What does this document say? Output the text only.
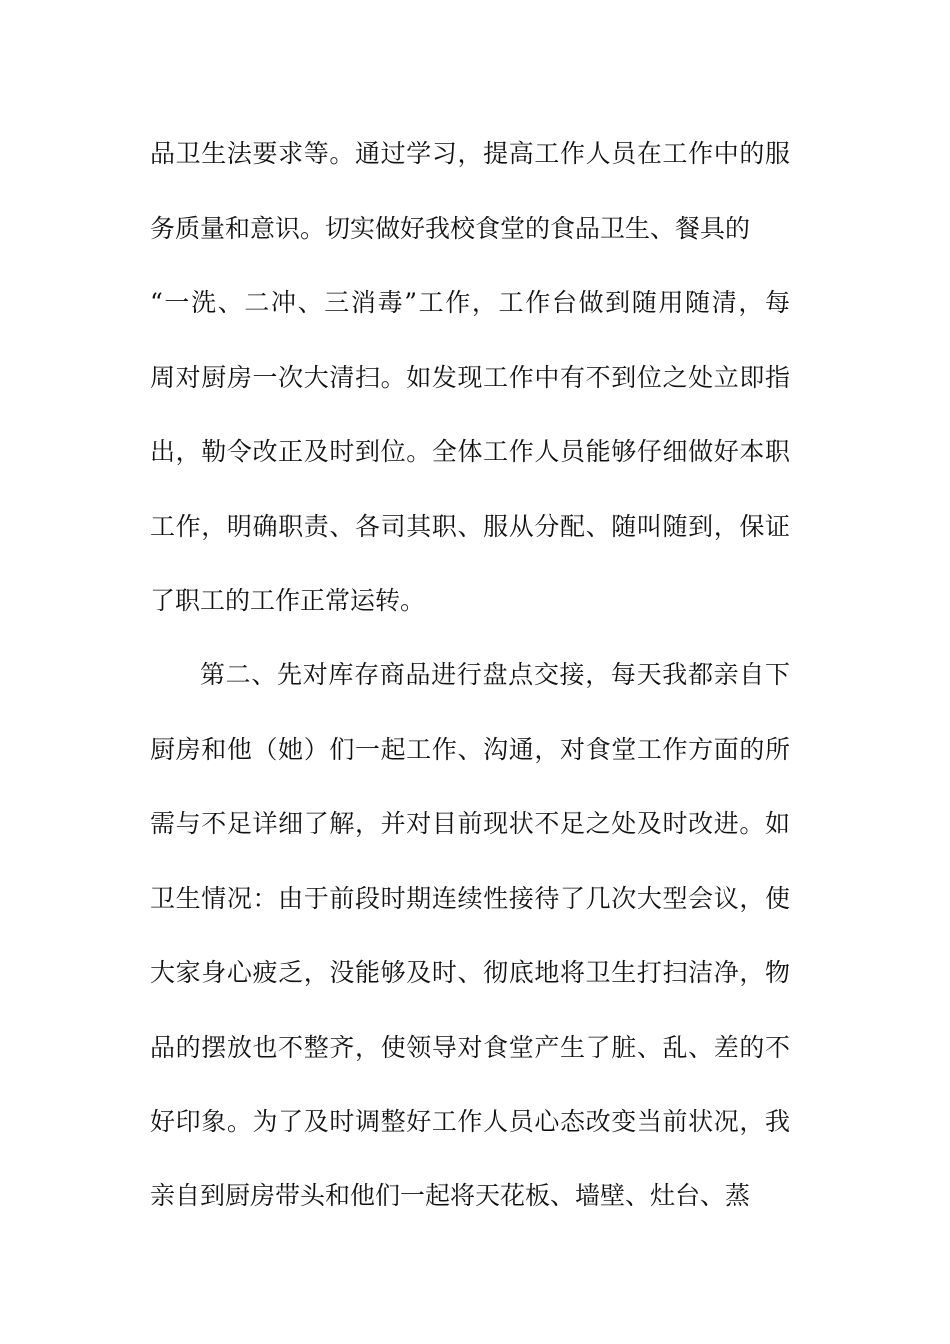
品卫生法要求等。通过学习，提高工作人员在工作中的服
务质量和意识。切实做好我校食堂的食品卫生、餐具的
“一洗、二冲、三消毒”工作，工作台做到随用随清，每
周对厨房一次大清扫。如发现工作中有不到位之处立即指
出，勒令改正及时到位。全体工作人员能够仔细做好本职
工作，明确职责、各司其职、服从分配、随叫随到，保证
了职工的工作正常运转。
第二、先对库存商品进行盘点交接，每天我都亲自下
厨房和他（她）们一起工作、沟通，对食堂工作方面的所
需与不足详细了解，并对目前现状不足之处及时改进。如
卫生情况：由于前段时期连续性接待了几次大型会议，使
大家身心疲乏，没能够及时、彻底地将卫生打扫洁净，物
品的摆放也不整齐，使领导对食堂产生了脏、乱、差的不
好印象。为了及时调整好工作人员心态改变当前状况，我
亲自到厨房带头和他们一起将天花板、墙壁、灶台、蒸
